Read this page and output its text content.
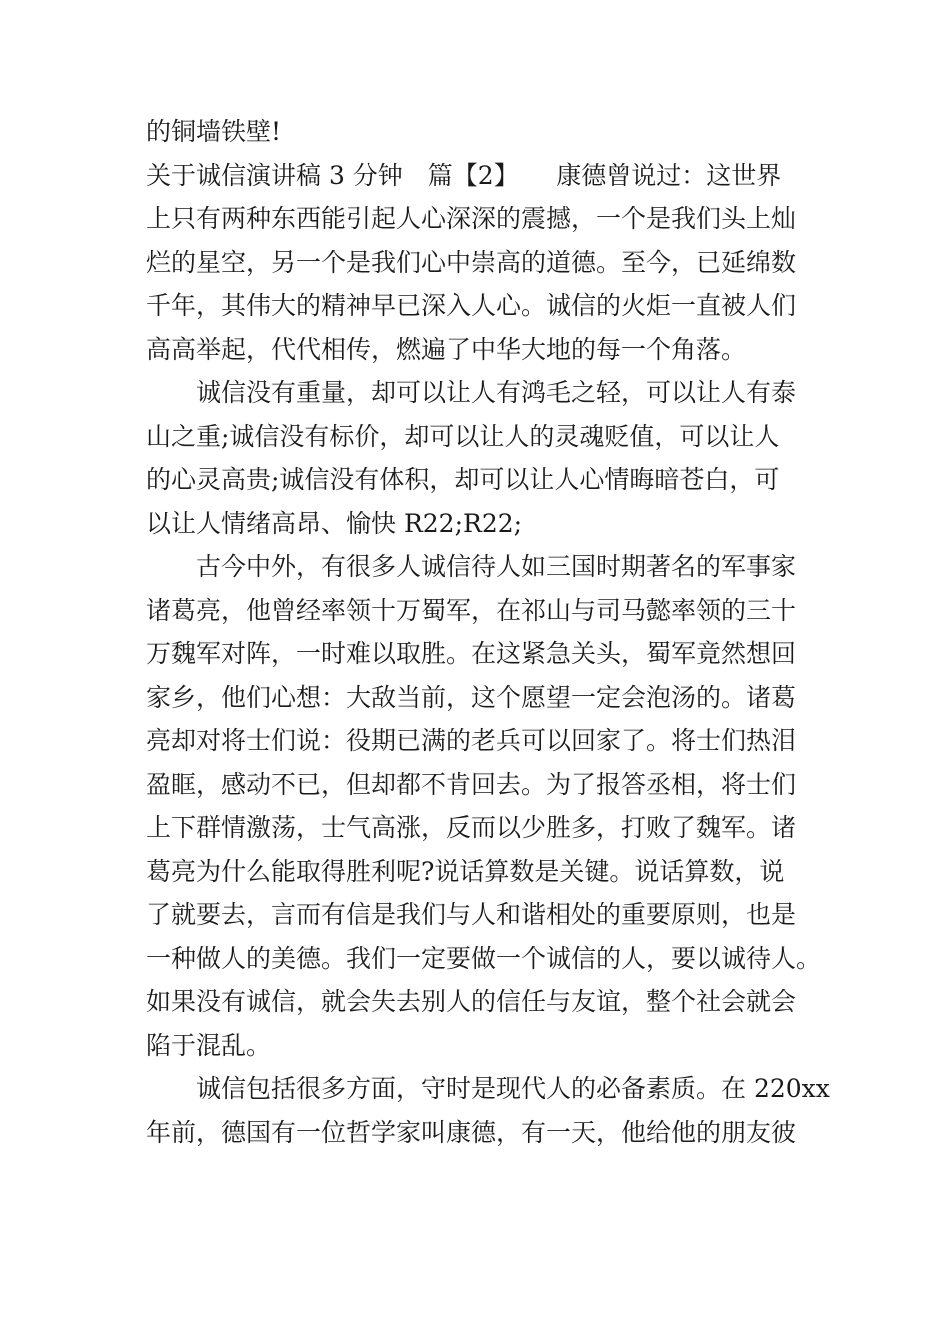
的铜墙铁壁!
关于诚信演讲稿 3 分钟　篇【2】　　康德曾说过：这世界
上只有两种东西能引起人心深深的震撼，一个是我们头上灿
烂的星空，另一个是我们心中崇高的道德。至今，已延绵数
千年，其伟大的精神早已深入人心。诚信的火炬一直被人们
高高举起，代代相传，燃遍了中华大地的每一个角落。
诚信没有重量，却可以让人有鸿毛之轻，可以让人有泰
山之重;诚信没有标价，却可以让人的灵魂贬值，可以让人
的心灵高贵;诚信没有体积，却可以让人心情晦暗苍白，可
以让人情绪高昂、愉快 R22;R22;
古今中外，有很多人诚信待人如三国时期著名的军事家
诸葛亮，他曾经率领十万蜀军，在祁山与司马懿率领的三十
万魏军对阵，一时难以取胜。在这紧急关头，蜀军竟然想回
家乡，他们心想：大敌当前，这个愿望一定会泡汤的。诸葛
亮却对将士们说：役期已满的老兵可以回家了。将士们热泪
盈眶，感动不已，但却都不肯回去。为了报答丞相，将士们
上下群情激荡，士气高涨，反而以少胜多，打败了魏军。诸
葛亮为什么能取得胜利呢?说话算数是关键。说话算数，说
了就要去，言而有信是我们与人和谐相处的重要原则，也是
一种做人的美德。我们一定要做一个诚信的人，要以诚待人。
如果没有诚信，就会失去别人的信任与友谊，整个社会就会
陷于混乱。
诚信包括很多方面，守时是现代人的必备素质。在 220xx
年前，德国有一位哲学家叫康德，有一天，他给他的朋友彼
